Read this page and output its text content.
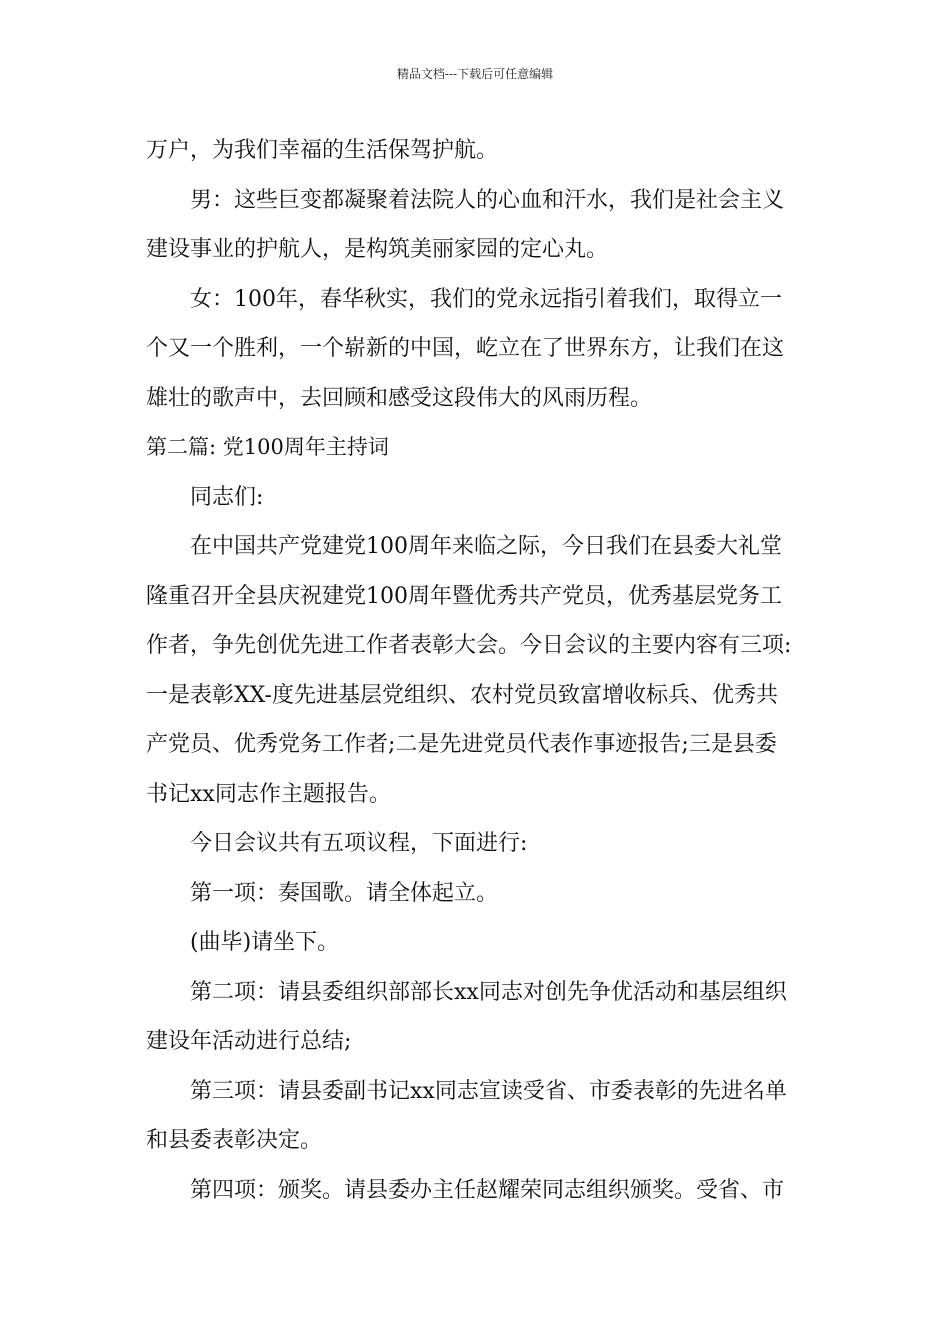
精品文档---下载后可任意编辑
万户，为我们幸福的生活保驾护航。
男：这些巨变都凝聚着法院人的心血和汗水，我们是社会主义
建设事业的护航人，是构筑美丽家园的定心丸。
女：100年，春华秋实，我们的党永远指引着我们，取得立一
个又一个胜利，一个崭新的中国，屹立在了世界东方，让我们在这
雄壮的歌声中，去回顾和感受这段伟大的风雨历程。
第二篇: 党100周年主持词
同志们:
在中国共产党建党100周年来临之际，今日我们在县委大礼堂
隆重召开全县庆祝建党100周年暨优秀共产党员，优秀基层党务工
作者，争先创优先进工作者表彰大会。今日会议的主要内容有三项:
一是表彰XX-度先进基层党组织、农村党员致富增收标兵、优秀共
产党员、优秀党务工作者;二是先进党员代表作事迹报告;三是县委
书记xx同志作主题报告。
今日会议共有五项议程，下面进行:
第一项：奏国歌。请全体起立。
(曲毕)请坐下。
第二项：请县委组织部部长xx同志对创先争优活动和基层组织
建设年活动进行总结;
第三项：请县委副书记xx同志宣读受省、市委表彰的先进名单
和县委表彰决定。
第四项：颁奖。请县委办主任赵耀荣同志组织颁奖。受省、市
